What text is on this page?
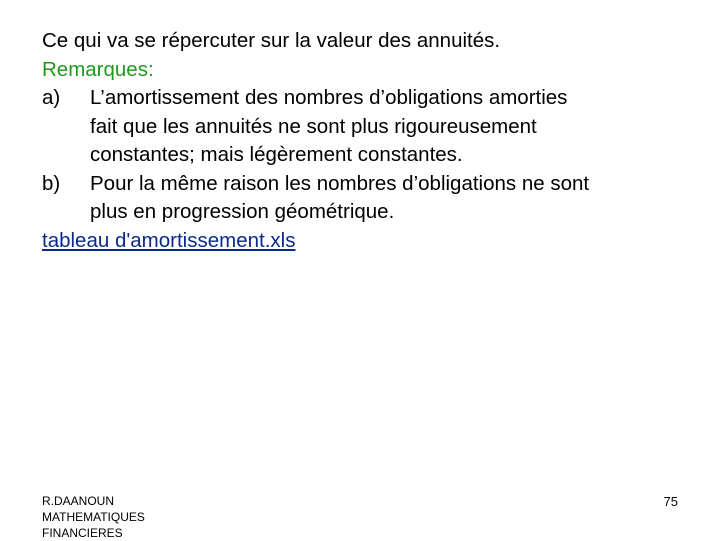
Ce qui va se répercuter sur la valeur des annuités.
Remarques:
a)	L’amortissement des nombres d’obligations amorties
fait que les annuités ne sont plus rigoureusement
constantes; mais légèrement constantes.
b)	Pour la même raison les nombres d’obligations ne sont
plus en progression géométrique.
tableau d'amortissement.xls
R.DAANOUN
MATHEMATIQUES
FINANCIERES
75
